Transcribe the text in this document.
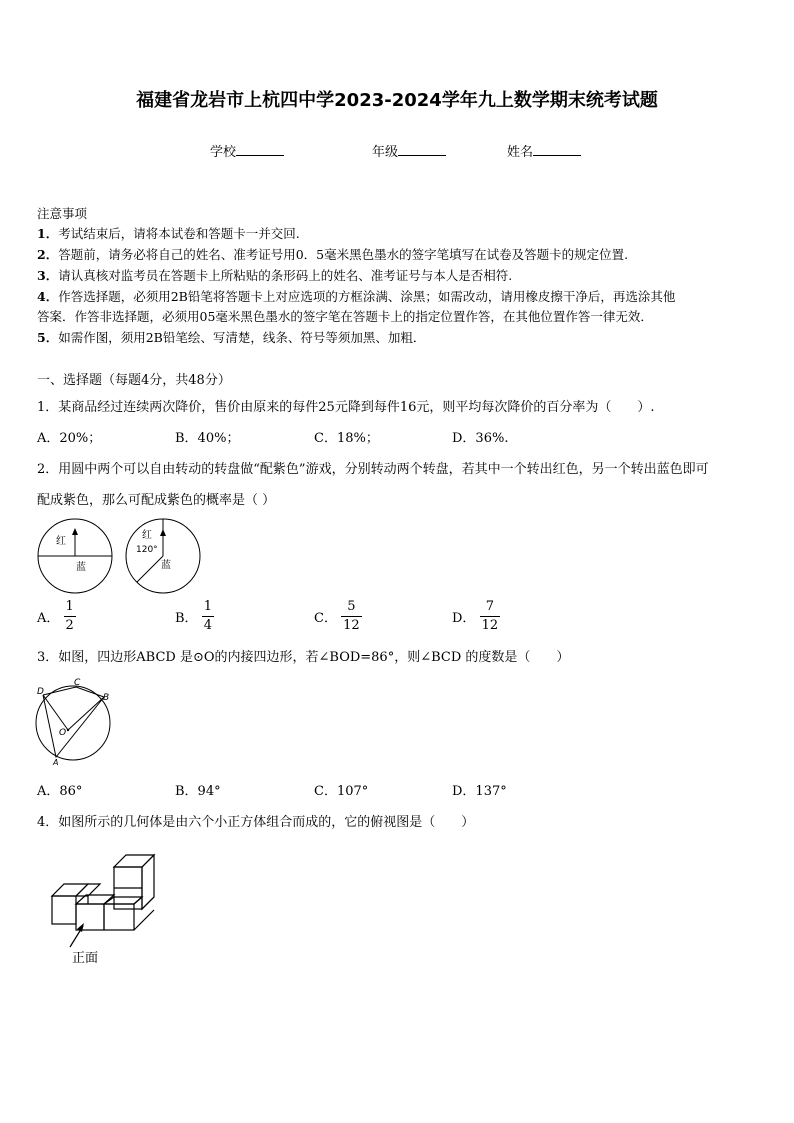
福建省龙岩市上杭四中学2023-2024学年九上数学期末统考试题
学校	年级	姓名
注意事项
1．考试结束后，请将本试卷和答题卡一并交回.
2．答题前，请务必将自己的姓名、准考证号用0．5毫米黑色墨水的签字笔填写在试卷及答题卡的规定位置.
3．请认真核对监考员在答题卡上所粘贴的条形码上的姓名、准考证号与本人是否相符.
4．作答选择题，必须用2B铅笔将答题卡上对应选项的方框涂满、涂黑；如需改动，请用橡皮擦干净后，再选涂其他
答案．作答非选择题，必须用05毫米黑色墨水的签字笔在答题卡上的指定位置作答，在其他位置作答一律无效．
5．如需作图，须用2B铅笔绘、写清楚，线条、符号等须加黑、加粗．
一、选择题（每题4分，共48分）
1．某商品经过连续两次降价，售价由原来的每件25元降到每件16元，则平均每次降价的百分率为（　　）.
A．20%；	B．40%；	C．18%；	D．36%.
2．用圆中两个可以自由转动的转盘做“配紫色”游戏，分别转动两个转盘，若其中一个转出红色，另一个转出蓝色即可
配成紫色，那么可配成紫色的概率是（ ）
红
蓝
红
120°
蓝
A． $\frac{1}{2}$	B． $\frac{1}{4}$	C． $\frac{5}{12}$	D． $\frac{7}{12}$
3．如图，四边形ABCD 是⊙O的内接四边形，若∠BOD=86°，则∠BCD 的度数是（　　）
D
C
B
A
O
A．86°	B．94°	C．107°	D．137°
4．如图所示的几何体是由六个小正方体组合而成的，它的俯视图是（　　）
正面
